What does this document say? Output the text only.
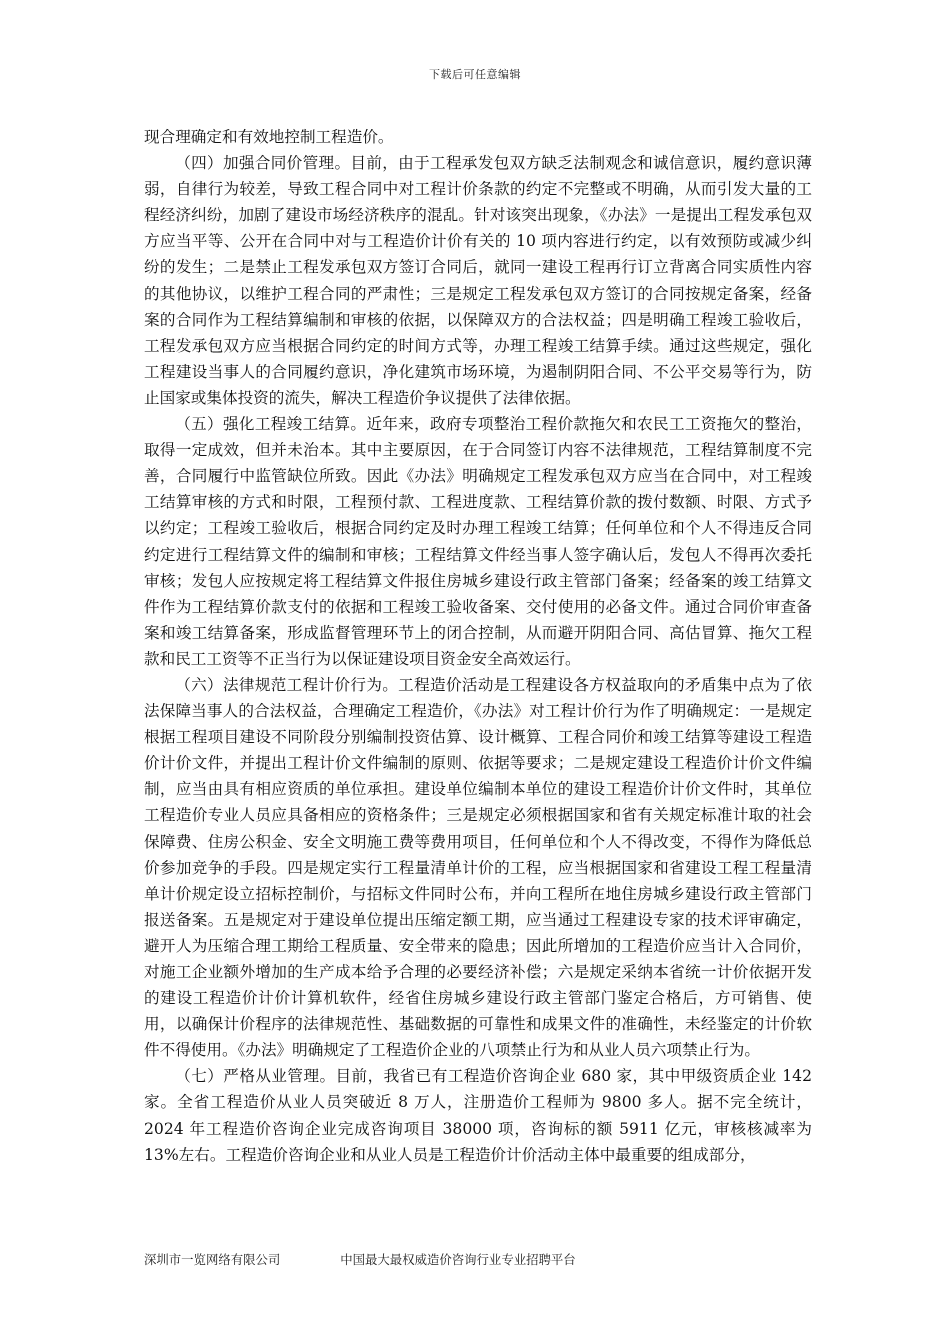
下载后可任意编辑

现合理确定和有效地控制工程造价。

（四）加强合同价管理。目前，由于工程承发包双方缺乏法制观念和诚信意识，履约意识薄弱，自律行为较差，导致工程合同中对工程计价条款的约定不完整或不明确，从而引发大量的工程经济纠纷，加剧了建设市场经济秩序的混乱。针对该突出现象，《办法》一是提出工程发承包双方应当平等、公开在合同中对与工程造价计价有关的 10 项内容进行约定，以有效预防或减少纠纷的发生；二是禁止工程发承包双方签订合同后，就同一建设工程再行订立背离合同实质性内容的其他协议，以维护工程合同的严肃性；三是规定工程发承包双方签订的合同按规定备案，经备案的合同作为工程结算编制和审核的依据，以保障双方的合法权益；四是明确工程竣工验收后，工程发承包双方应当根据合同约定的时间方式等，办理工程竣工结算手续。通过这些规定，强化工程建设当事人的合同履约意识，净化建筑市场环境，为遏制阴阳合同、不公平交易等行为，防止国家或集体投资的流失，解决工程造价争议提供了法律依据。

（五）强化工程竣工结算。近年来，政府专项整治工程价款拖欠和农民工工资拖欠的整治，取得一定成效，但并未治本。其中主要原因，在于合同签订内容不法律规范，工程结算制度不完善，合同履行中监管缺位所致。因此《办法》明确规定工程发承包双方应当在合同中，对工程竣工结算审核的方式和时限，工程预付款、工程进度款、工程结算价款的拨付数额、时限、方式予以约定；工程竣工验收后，根据合同约定及时办理工程竣工结算；任何单位和个人不得违反合同约定进行工程结算文件的编制和审核；工程结算文件经当事人签字确认后，发包人不得再次委托审核；发包人应按规定将工程结算文件报住房城乡建设行政主管部门备案；经备案的竣工结算文件作为工程结算价款支付的依据和工程竣工验收备案、交付使用的必备文件。通过合同价审查备案和竣工结算备案，形成监督管理环节上的闭合控制，从而避开阴阳合同、高估冒算、拖欠工程款和民工工资等不正当行为以保证建设项目资金安全高效运行。

（六）法律规范工程计价行为。工程造价活动是工程建设各方权益取向的矛盾集中点为了依法保障当事人的合法权益，合理确定工程造价，《办法》对工程计价行为作了明确规定：一是规定根据工程项目建设不同阶段分别编制投资估算、设计概算、工程合同价和竣工结算等建设工程造价计价文件，并提出工程计价文件编制的原则、依据等要求；二是规定建设工程造价计价文件编制，应当由具有相应资质的单位承担。建设单位编制本单位的建设工程造价计价文件时，其单位工程造价专业人员应具备相应的资格条件；三是规定必须根据国家和省有关规定标准计取的社会保障费、住房公积金、安全文明施工费等费用项目，任何单位和个人不得改变，不得作为降低总价参加竞争的手段。四是规定实行工程量清单计价的工程，应当根据国家和省建设工程工程量清单计价规定设立招标控制价，与招标文件同时公布，并向工程所在地住房城乡建设行政主管部门报送备案。五是规定对于建设单位提出压缩定额工期，应当通过工程建设专家的技术评审确定，避开人为压缩合理工期给工程质量、安全带来的隐患；因此所增加的工程造价应当计入合同价，对施工企业额外增加的生产成本给予合理的必要经济补偿；六是规定采纳本省统一计价依据开发的建设工程造价计价计算机软件，经省住房城乡建设行政主管部门鉴定合格后，方可销售、使用，以确保计价程序的法律规范性、基础数据的可靠性和成果文件的准确性，未经鉴定的计价软件不得使用。《办法》明确规定了工程造价企业的八项禁止行为和从业人员六项禁止行为。

（七）严格从业管理。目前，我省已有工程造价咨询企业 680 家，其中甲级资质企业 142 家。全省工程造价从业人员突破近 8 万人，注册造价工程师为 9800 多人。据不完全统计，2024 年工程造价咨询企业完成咨询项目 38000 项，咨询标的额 5911 亿元，审核核减率为 13%左右。工程造价咨询企业和从业人员是工程造价计价活动主体中最重要的组成部分，

深圳市一览网络有限公司	中国最大最权威造价咨询行业专业招聘平台
